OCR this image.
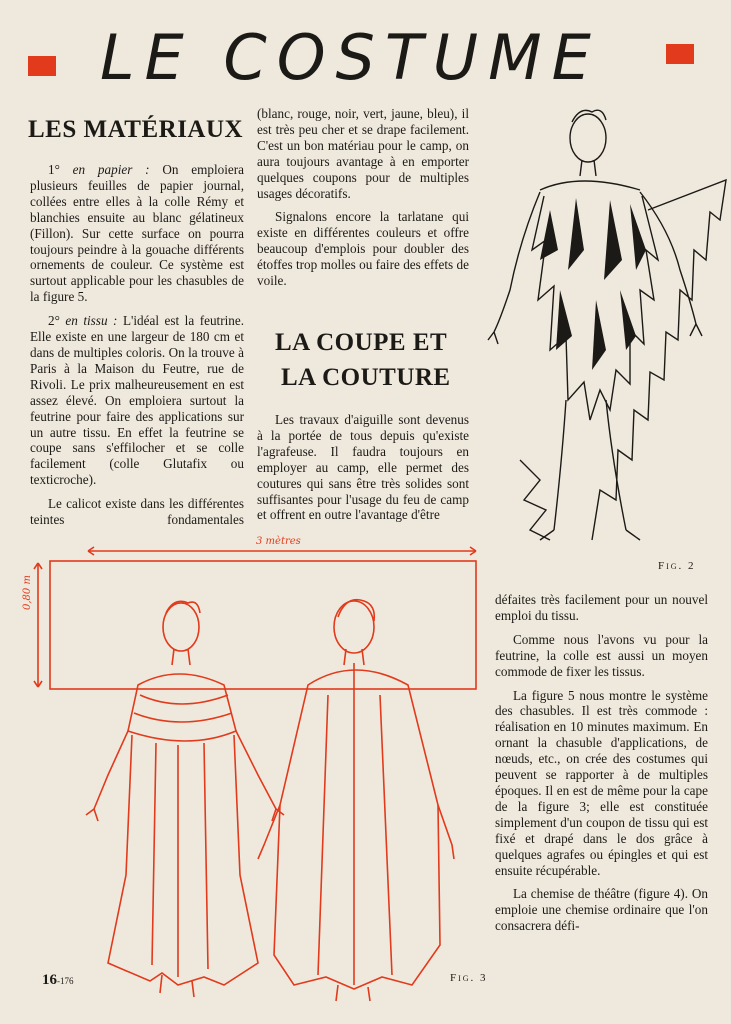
LE COSTUME
LES MATÉRIAUX

1° en papier : On emploiera plusieurs feuilles de papier journal, collées entre elles à la colle Rémy et blanchies ensuite au blanc gélatineux (Fillon). Sur cette surface on pourra toujours peindre à la gouache différents ornements de couleur. Ce système est surtout applicable pour les chasubles de la figure 5.

2° en tissu : L'idéal est la feutrine. Elle existe en une largeur de 180 cm et dans de multiples coloris. On la trouve à Paris à la Maison du Feutre, rue de Rivoli. Le prix malheureusement en est assez élevé. On emploiera surtout la feutrine pour faire des applications sur un autre tissu. En effet la feutrine se coupe sans s'effilocher et se colle facilement (colle Glutafix ou texticroche).

Le calicot existe dans les différentes teintes fondamentales

(blanc, rouge, noir, vert, jaune, bleu), il est très peu cher et se drape facilement. C'est un bon matériau pour le camp, on aura toujours avantage à en emporter quelques coupons pour de multiples usages décoratifs.

Signalons encore la tarlatane qui existe en différentes couleurs et offre beaucoup d'emplois pour doubler des étoffes trop molles ou faire des effets de voile.

LA COUPE ET
LA COUTURE

Les travaux d'aiguille sont devenus à la portée de tous depuis qu'existe l'agrafeuse. Il faudra toujours en employer au camp, elle permet des coutures qui sans être très solides sont suffisantes pour l'usage du feu de camp et offrent en outre l'avantage d'être

défaites très facilement pour un nouvel emploi du tissu.

Comme nous l'avons vu pour la feutrine, la colle est aussi un moyen commode de fixer les tissus.

La figure 5 nous montre le système des chasubles. Il est très commode : réalisation en 10 minutes maximum. En ornant la chasuble d'applications, de nœuds, etc., on crée des costumes qui peuvent se rapporter à de multiples époques. Il en est de même pour la cape de la figure 3; elle est constituée simplement d'un coupon de tissu qui est fixé et drapé dans le dos grâce à quelques agrafes ou épingles et qui est ensuite récupérable.

La chemise de théâtre (figure 4). On emploie une chemise ordinaire que l'on consacrera défi-

Fig. 2
3 mètres
0,80 m
Fig. 3
16-176
